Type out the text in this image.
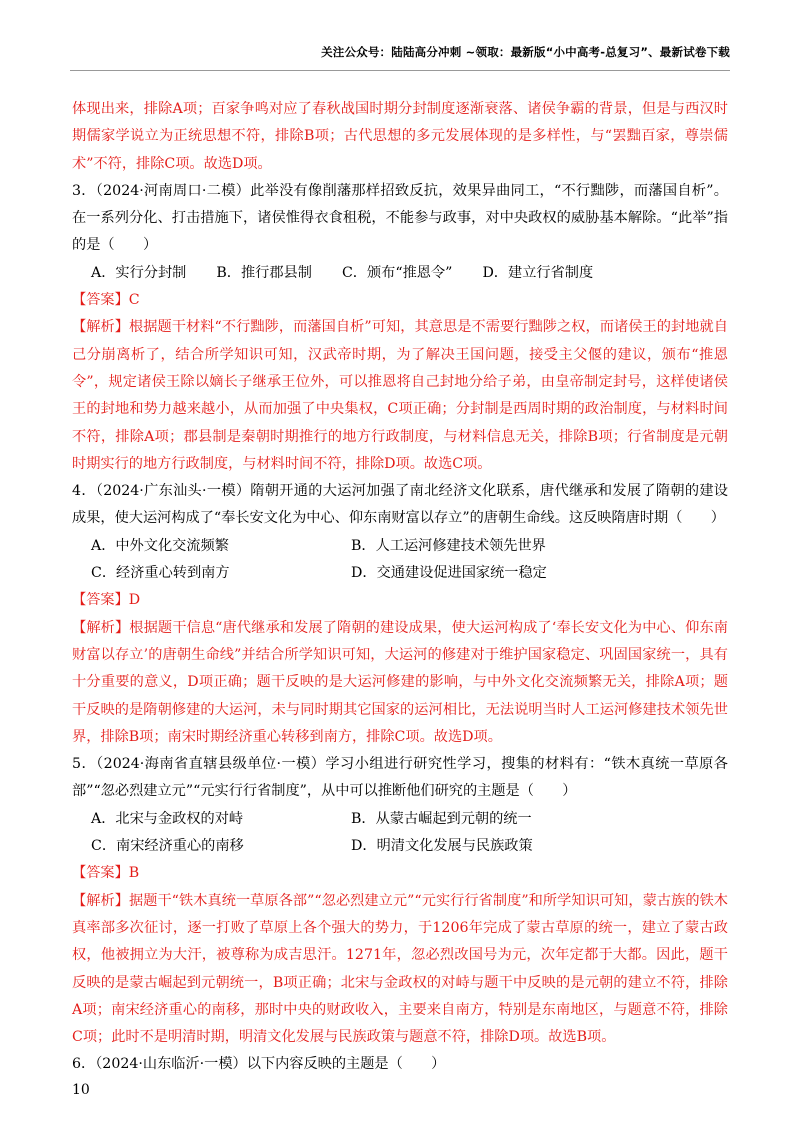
关注公众号：陆陆高分冲刺 ~领取：最新版“小中高考-总复习”、最新试卷下载

体现出来，排除A项；百家争鸣对应了春秋战国时期分封制度逐渐衰落、诸侯争霸的背景，但是与西汉时期儒家学说立为正统思想不符，排除B项；古代思想的多元发展体现的是多样性，与“罢黜百家，尊崇儒术”不符，排除C项。故选D项。

3．（2024·河南周口·二模）此举没有像削藩那样招致反抗，效果异曲同工，“不行黜陟，而藩国自析”。在一系列分化、打击措施下，诸侯惟得衣食租税，不能参与政事，对中央政权的威胁基本解除。“此举”指的是（　　）

A．实行分封制 B．推行郡县制 C．颁布“推恩令” D．建立行省制度

【答案】C

【解析】根据题干材料“不行黜陟，而藩国自析”可知，其意思是不需要行黜陟之权，而诸侯王的封地就自己分崩离析了，结合所学知识可知，汉武帝时期，为了解决王国问题，接受主父偃的建议，颁布“推恩令”，规定诸侯王除以嫡长子继承王位外，可以推恩将自己封地分给子弟，由皇帝制定封号，这样使诸侯王的封地和势力越来越小，从而加强了中央集权，C项正确；分封制是西周时期的政治制度，与材料时间不符，排除A项；郡县制是秦朝时期推行的地方行政制度，与材料信息无关，排除B项；行省制度是元朝时期实行的地方行政制度，与材料时间不符，排除D项。故选C项。

4．（2024·广东汕头·一模）隋朝开通的大运河加强了南北经济文化联系，唐代继承和发展了隋朝的建设成果，使大运河构成了“奉长安文化为中心、仰东南财富以存立”的唐朝生命线。这反映隋唐时期（　　）

A．中外文化交流频繁	B．人工运河修建技术领先世界
C．经济重心转到南方	D．交通建设促进国家统一稳定

【答案】D

【解析】根据题干信息“唐代继承和发展了隋朝的建设成果，使大运河构成了‘奉长安文化为中心、仰东南财富以存立’的唐朝生命线”并结合所学知识可知，大运河的修建对于维护国家稳定、巩固国家统一，具有十分重要的意义，D项正确；题干反映的是大运河修建的影响，与中外文化交流频繁无关，排除A项；题干反映的是隋朝修建的大运河，未与同时期其它国家的运河相比，无法说明当时人工运河修建技术领先世界，排除B项；南宋时期经济重心转移到南方，排除C项。故选D项。

5．（2024·海南省直辖县级单位·一模）学习小组进行研究性学习，搜集的材料有：“铁木真统一草原各部”“忽必烈建立元”“元实行行省制度”，从中可以推断他们研究的主题是（　　）

A．北宋与金政权的对峙	B．从蒙古崛起到元朝的统一
C．南宋经济重心的南移	D．明清文化发展与民族政策

【答案】B

【解析】据题干“铁木真统一草原各部”“忽必烈建立元”“元实行行省制度”和所学知识可知，蒙古族的铁木真率部多次征讨，逐一打败了草原上各个强大的势力，于1206年完成了蒙古草原的统一，建立了蒙古政权，他被拥立为大汗，被尊称为成吉思汗。1271年，忽必烈改国号为元，次年定都于大都。因此，题干反映的是蒙古崛起到元朝统一，B项正确；北宋与金政权的对峙与题干中反映的是元朝的建立不符，排除A项；南宋经济重心的南移，那时中央的财政收入，主要来自南方，特别是东南地区，与题意不符，排除C项；此时不是明清时期，明清文化发展与民族政策与题意不符，排除D项。故选B项。

6．（2024·山东临沂·一模）以下内容反映的主题是（　　）

10
